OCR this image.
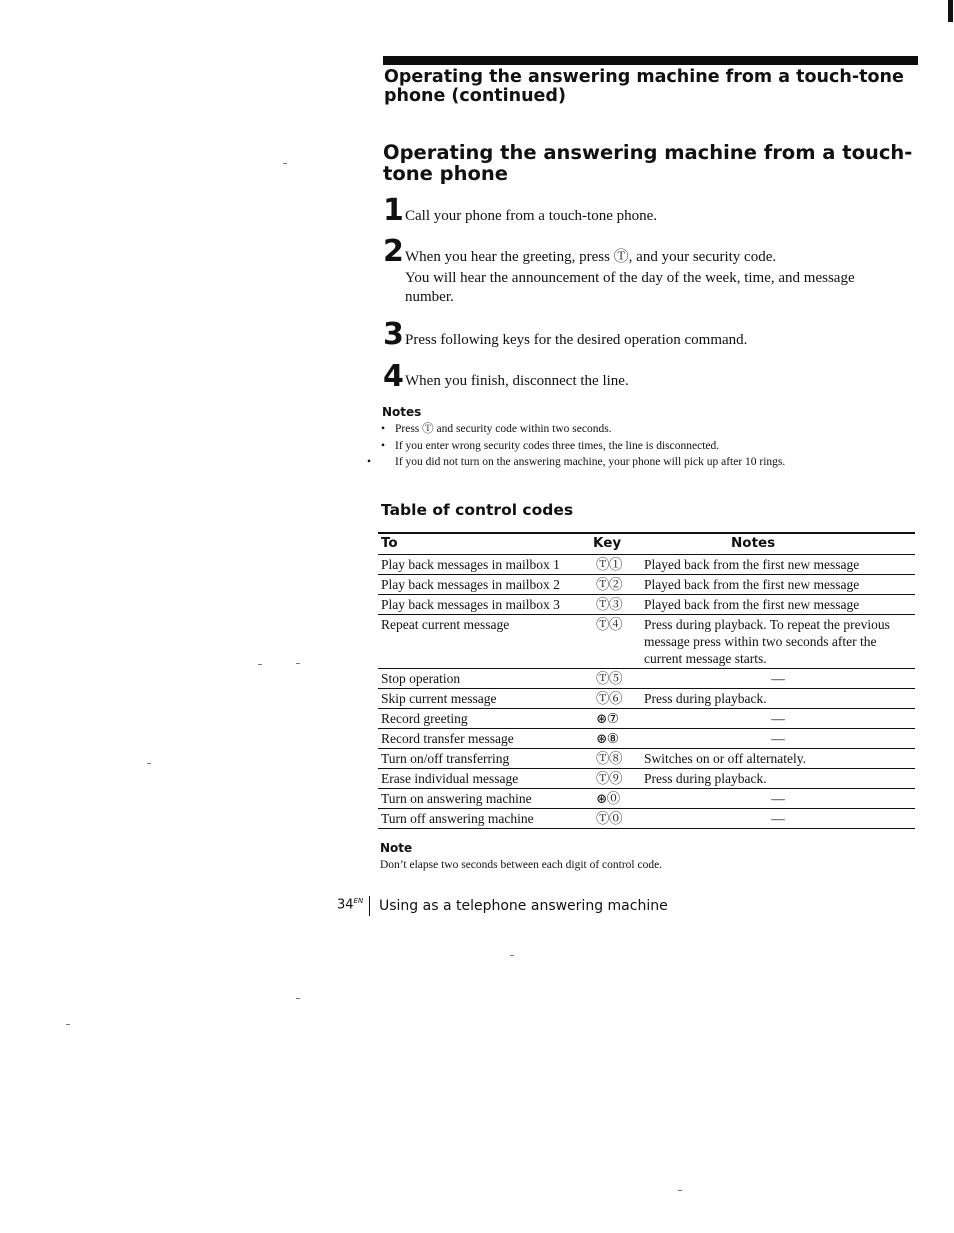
Operating the answering machine from a touch-tone phone (continued)
Operating the answering machine from a touch-tone phone
1 Call your phone from a touch-tone phone.
2 When you hear the greeting, press Ⓣ, and your security code.
You will hear the announcement of the day of the week, time, and message number.
3 Press following keys for the desired operation command.
4 When you finish, disconnect the line.
Notes
• Press Ⓣ and security code within two seconds.
• If you enter wrong security codes three times, the line is disconnected.
• If you did not turn on the answering machine, your phone will pick up after 10 rings.
Table of control codes
To	Key	Notes
Play back messages in mailbox 1	Ⓣ①	Played back from the first new message
Play back messages in mailbox 2	Ⓣ②	Played back from the first new message
Play back messages in mailbox 3	Ⓣ③	Played back from the first new message
Repeat current message	Ⓣ④	Press during playback. To repeat the previous message press within two seconds after the current message starts.
Stop operation	Ⓣ⑤	—
Skip current message	Ⓣ⑥	Press during playback.
Record greeting	⊛⑦	—
Record transfer message	⊛⑧	—
Turn on/off transferring	Ⓣ⑧	Switches on or off alternately.
Erase individual message	Ⓣ⑨	Press during playback.
Turn on answering machine	⊛⓪	—
Turn off answering machine	Ⓣ⓪	—
Note
Don’t elapse two seconds between each digit of control code.
$34^{EN}$ Using as a telephone answering machine
